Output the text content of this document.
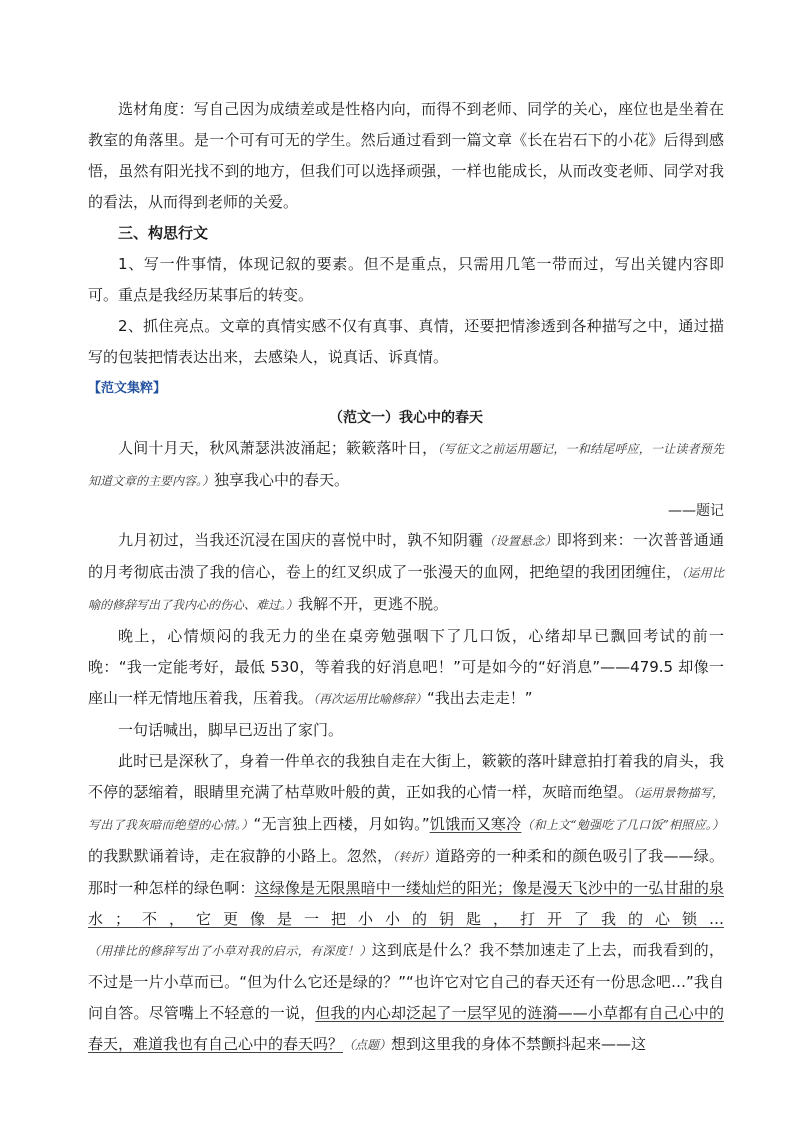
选材角度：写自己因为成绩差或是性格内向，而得不到老师、同学的关心，座位也是坐着在教室的角落里。是一个可有可无的学生。然后通过看到一篇文章《长在岩石下的小花》后得到感悟，虽然有阳光找不到的地方，但我们可以选择顽强，一样也能成长，从而改变老师、同学对我的看法，从而得到老师的关爱。

三、构思行文

1、写一件事情，体现记叙的要素。但不是重点，只需用几笔一带而过，写出关键内容即可。重点是我经历某事后的转变。

2、抓住亮点。文章的真情实感不仅有真事、真情，还要把情渗透到各种描写之中，通过描写的包装把情表达出来，去感染人，说真话、诉真情。

【范文集粹】

（范文一）我心中的春天

人间十月天，秋风萧瑟洪波涌起；簌簌落叶日，（写征文之前运用题记，一和结尾呼应，一让读者预先知道文章的主要内容。）独享我心中的春天。

——题记

九月初过，当我还沉浸在国庆的喜悦中时，孰不知阴霾（设置悬念）即将到来：一次普普通通的月考彻底击溃了我的信心，卷上的红叉织成了一张漫天的血网，把绝望的我团团缠住，（运用比喻的修辞写出了我内心的伤心、难过。）我解不开，更逃不脱。

晚上，心情烦闷的我无力的坐在桌旁勉强咽下了几口饭，心绪却早已飘回考试的前一晚：“我一定能考好，最低 530，等着我的好消息吧！”可是如今的“好消息”——479.5 却像一座山一样无情地压着我，压着我。（再次运用比喻修辞）“我出去走走！”

一句话喊出，脚早已迈出了家门。

此时已是深秋了，身着一件单衣的我独自走在大街上，簌簌的落叶肆意拍打着我的肩头，我不停的瑟缩着，眼睛里充满了枯草败叶般的黄，正如我的心情一样，灰暗而绝望。（运用景物描写，写出了我灰暗而绝望的心情。）“无言独上西楼，月如钩。”饥饿而又寒冷（和上文“勉强吃了几口饭”相照应。）的我默默诵着诗，走在寂静的小路上。忽然，（转折）道路旁的一种柔和的颜色吸引了我——绿。那时一种怎样的绿色啊：这绿像是无限黑暗中一缕灿烂的阳光；像是漫天飞沙中的一弘甘甜的泉水；不，它更像是一把小小的钥匙，打开了我的心锁…（用排比的修辞写出了小草对我的启示，有深度！）这到底是什么？我不禁加速走了上去，而我看到的，不过是一片小草而已。“但为什么它还是绿的？”“也许它对它自己的春天还有一份思念吧…”我自问自答。尽管嘴上不轻意的一说，但我的内心却泛起了一层罕见的涟漪——小草都有自己心中的春天，难道我也有自己心中的春天吗？（点题）想到这里我的身体不禁颤抖起来——这
